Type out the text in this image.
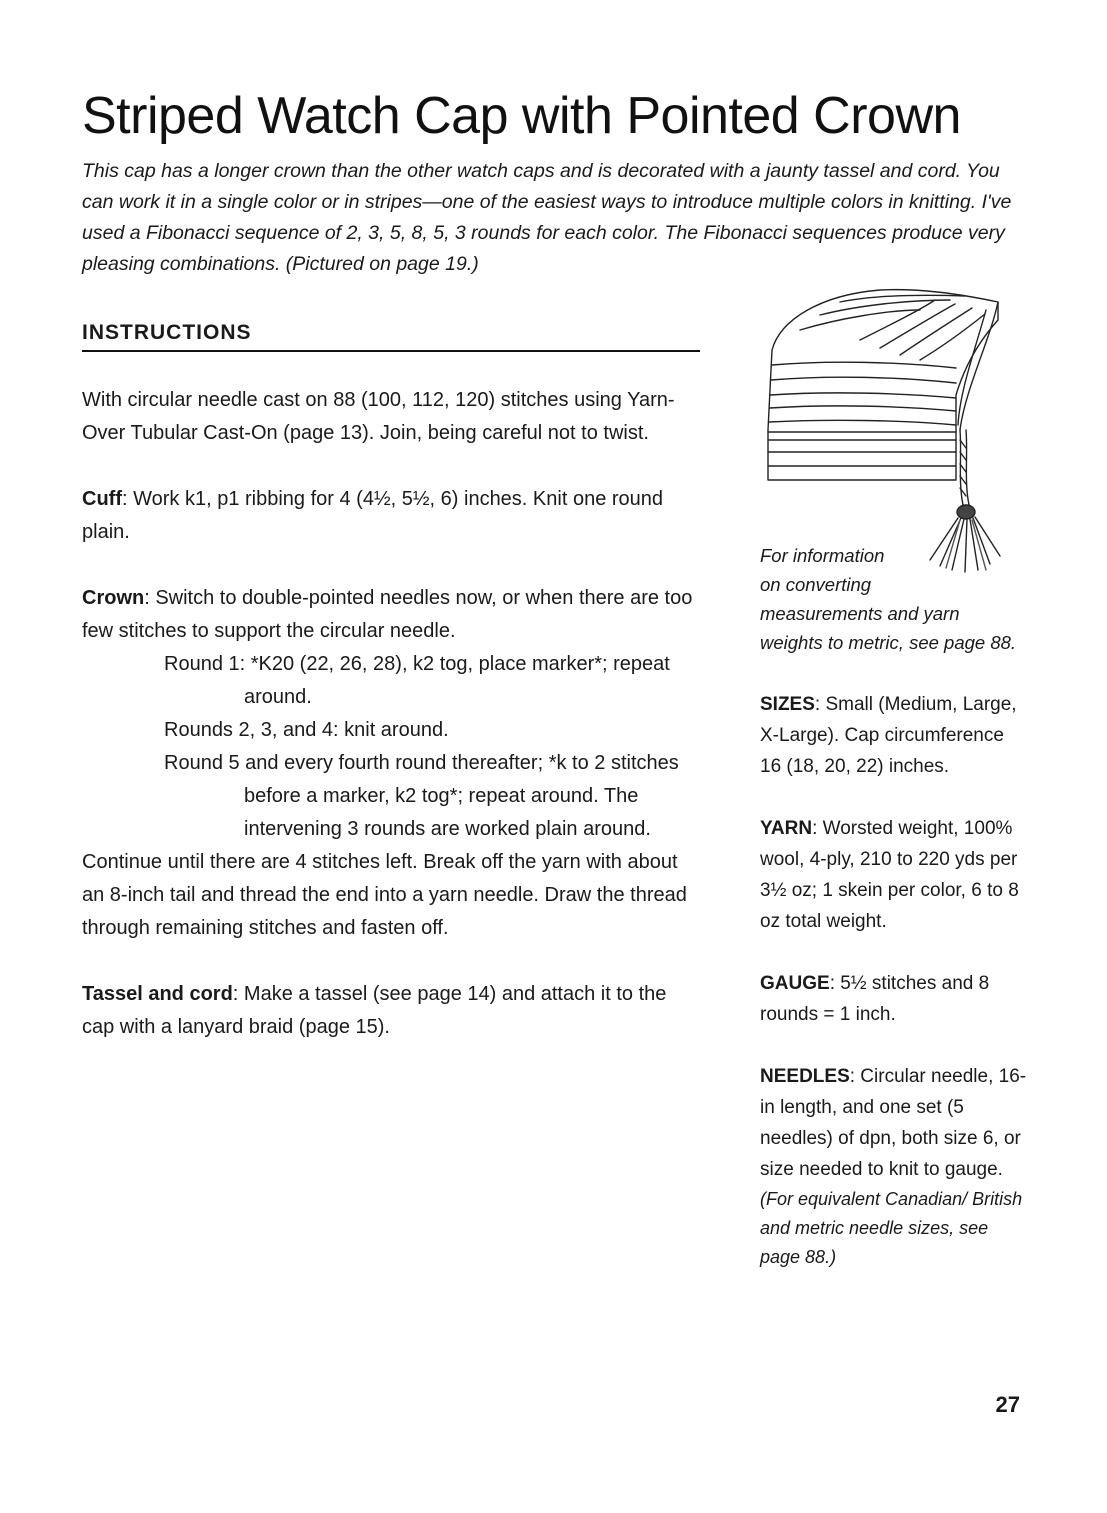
Striped Watch Cap with Pointed Crown
This cap has a longer crown than the other watch caps and is decorated with a jaunty tassel and cord. You can work it in a single color or in stripes—one of the easiest ways to introduce multiple colors in knitting. I've used a Fibonacci sequence of 2, 3, 5, 8, 5, 3 rounds for each color. The Fibonacci sequences produce very pleasing combinations. (Pictured on page 19.)
INSTRUCTIONS

With circular needle cast on 88 (100, 112, 120) stitches using Yarn-Over Tubular Cast-On (page 13). Join, being careful not to twist.

Cuff: Work k1, p1 ribbing for 4 (4½, 5½, 6) inches. Knit one round plain.

Crown: Switch to double-pointed needles now, or when there are too few stitches to support the circular needle.

Round 1: *K20 (22, 26, 28), k2 tog, place marker*; repeat around.
Rounds 2, 3, and 4: knit around.
Round 5 and every fourth round thereafter; *k to 2 stitches before a marker, k2 tog*; repeat around. The intervening 3 rounds are worked plain around.

Continue until there are 4 stitches left. Break off the yarn with about an 8-inch tail and thread the end into a yarn needle. Draw the thread through remaining stitches and fasten off.

Tassel and cord: Make a tassel (see page 14) and attach it to the cap with a lanyard braid (page 15).

For information
on converting
measurements and yarn
weights to metric, see page 88.
SIZES: Small (Medium, Large, X-Large). Cap circumference 16 (18, 20, 22) inches.
YARN: Worsted weight, 100% wool, 4-ply, 210 to 220 yds per 3½ oz; 1 skein per color, 6 to 8 oz total weight.
GAUGE: 5½ stitches and 8 rounds = 1 inch.
NEEDLES: Circular needle, 16-in length, and one set (5 needles) of dpn, both size 6, or size needed to knit to gauge.
(For equivalent Canadian/ British and metric needle sizes, see page 88.)
27
